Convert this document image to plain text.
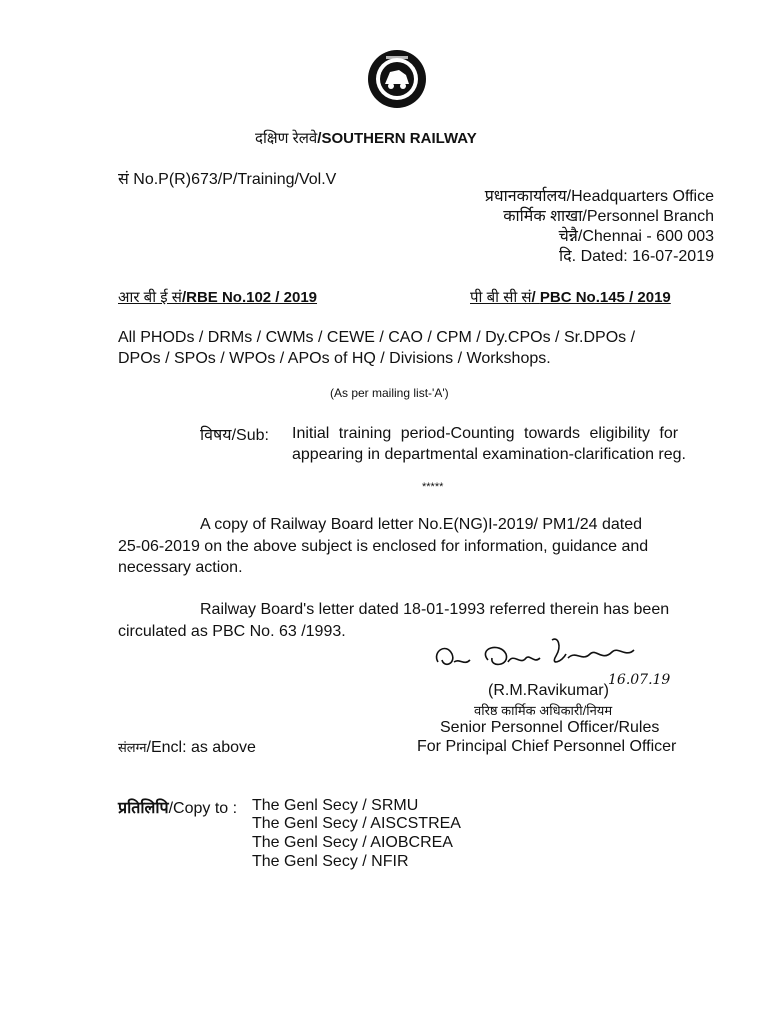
दक्षिण रेलवे/SOUTHERN RAILWAY
सं No.P(R)673/P/Training/Vol.V
प्रधानकार्यालय/Headquarters Office
कार्मिक शाखा/Personnel Branch
चेन्नै/Chennai - 600 003
दि. Dated: 16-07-2019
आर बी ई सं/RBE No.102 / 2019	पी बी सी सं/ PBC No.145 / 2019
All PHODs / DRMs / CWMs / CEWE / CAO / CPM / Dy.CPOs / Sr.DPOs /
DPOs / SPOs / WPOs / APOs of HQ / Divisions / Workshops.
(As per mailing list-'A')
विषय/Sub: Initial training period-Counting towards eligibility for
appearing in departmental examination-clarification reg.
*****
A copy of Railway Board letter No.E(NG)I-2019/ PM1/24 dated
25-06-2019 on the above subject is enclosed for information, guidance and
necessary action.
Railway Board's letter dated 18-01-1993 referred therein has been
circulated as PBC No. 63 /1993.
16.07.19
(R.M.Ravikumar)
वरिष्ठ कार्मिक अधिकारी/नियम
Senior Personnel Officer/Rules
For Principal Chief Personnel Officer
संलग्न/Encl: as above
प्रतिलिपि/Copy to : The Genl Secy / SRMU
The Genl Secy / AISCSTREA
The Genl Secy / AIOBCREA
The Genl Secy / NFIR
